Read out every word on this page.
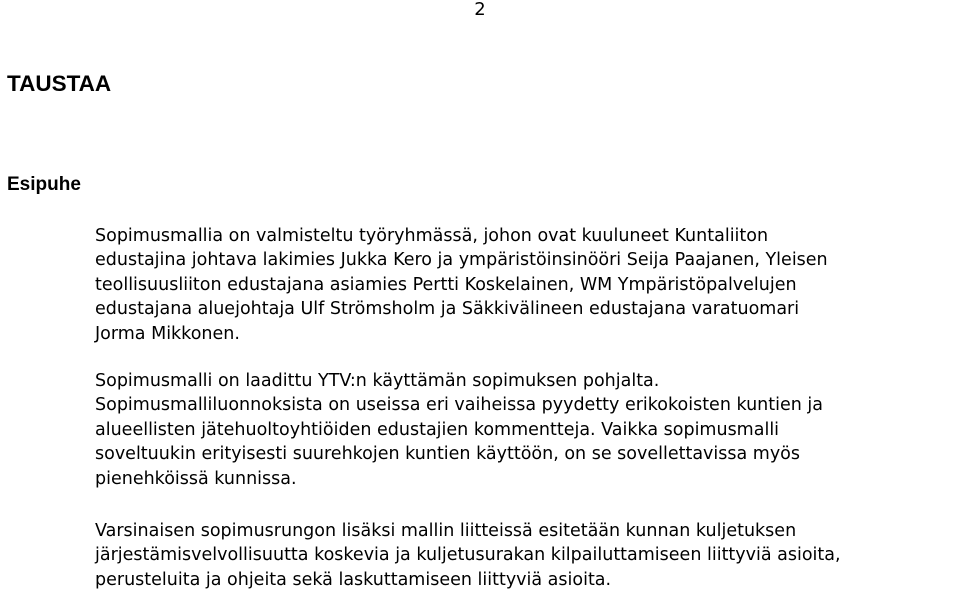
2
TAUSTAA
Esipuhe

Sopimusmallia on valmisteltu työryhmässä, johon ovat kuuluneet Kuntaliiton
edustajina johtava lakimies Jukka Kero ja ympäristöinsinööri Seija Paajanen, Yleisen
teollisuusliiton edustajana asiamies Pertti Koskelainen, WM Ympäristöpalvelujen
edustajana aluejohtaja Ulf Strömsholm ja Säkkivälineen edustajana varatuomari
Jorma Mikkonen.

Sopimusmalli on laadittu YTV:n käyttämän sopimuksen pohjalta.
Sopimusmalliluonnoksista on useissa eri vaiheissa pyydetty erikokoisten kuntien ja
alueellisten jätehuoltoyhtiöiden edustajien kommentteja. Vaikka sopimusmalli
soveltuukin erityisesti suurehkojen kuntien käyttöön, on se sovellettavissa myös
pienehköissä kunnissa.

Varsinaisen sopimusrungon lisäksi mallin liitteissä esitetään kunnan kuljetuksen
järjestämisvelvollisuutta koskevia ja kuljetusurakan kilpailuttamiseen liittyviä asioita,
perusteluita ja ohjeita sekä laskuttamiseen liittyviä asioita.
